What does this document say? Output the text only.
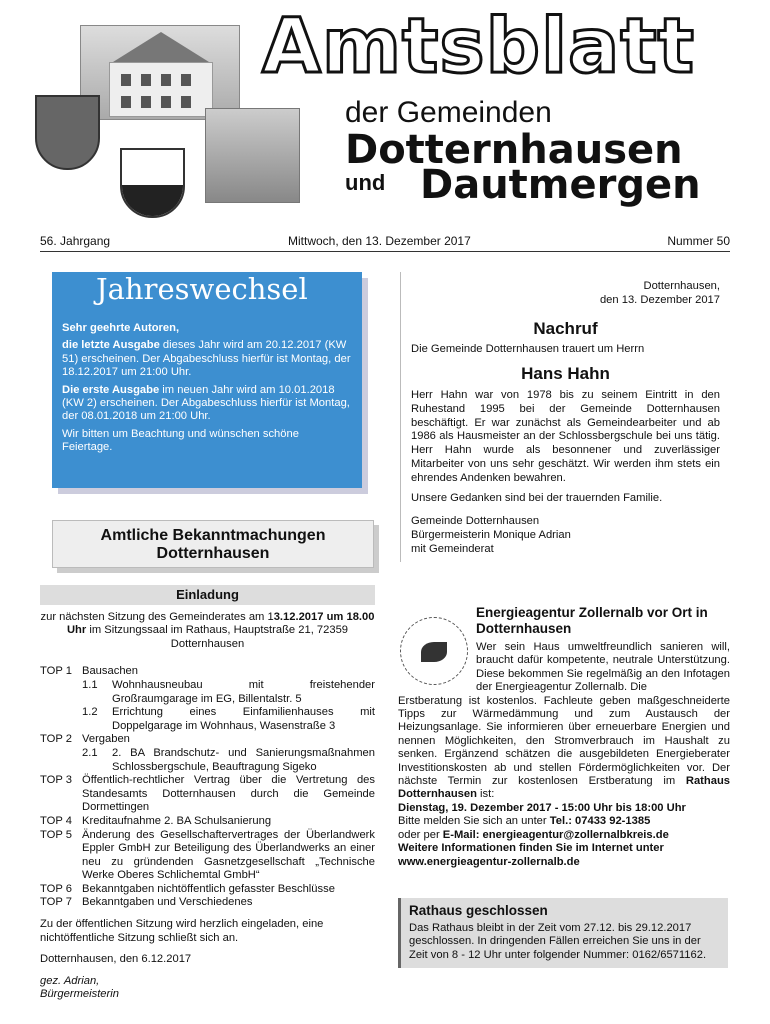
Amtsblatt
der Gemeinden
Dotternhausen
und Dautmergen
56. Jahrgang	Mittwoch, den 13. Dezember 2017	Nummer 50
Jahreswechsel

Sehr geehrte Autoren,

die letzte Ausgabe dieses Jahr wird am 20.12.2017 (KW 51) erscheinen. Der Abgabeschluss hierfür ist Montag, der 18.12.2017 um 21:00 Uhr.

Die erste Ausgabe im neuen Jahr wird am 10.01.2018 (KW 2) erscheinen. Der Abgabeschluss hierfür ist Montag, der 08.01.2018 um 21:00 Uhr.

Wir bitten um Beachtung und wünschen schöne Feiertage.

Dotternhausen,
den 13. Dezember 2017
Nachruf
Die Gemeinde Dotternhausen trauert um Herrn
Hans Hahn
Herr Hahn war von 1978 bis zu seinem Eintritt in den Ruhestand 1995 bei der Gemeinde Dotternhausen beschäftigt. Er war zunächst als Gemeindearbeiter und ab 1986 als Hausmeister an der Schlossbergschule bei uns tätig. Herr Hahn wurde als besonnener und zuverlässiger Mitarbeiter von uns sehr geschätzt. Wir werden ihm stets ein ehrendes Andenken bewahren.
Unsere Gedanken sind bei der trauernden Familie.
Gemeinde Dotternhausen
Bürgermeisterin Monique Adrian
mit Gemeinderat
Amtliche Bekanntmachungen
Dotternhausen
Einladung
zur nächsten Sitzung des Gemeinderates am 13.12.2017 um 18.00 Uhr im Sitzungssaal im Rathaus, Hauptstraße 21, 72359 Dotternhausen
TOP 1 Bausachen
1.1	Wohnhausneubau mit freistehender Großraumgarage im EG, Billentalstr. 5
1.2	Errichtung eines Einfamilienhauses mit Doppelgarage im Wohnhaus, Wasenstraße 3
TOP 2 Vergaben
2.1	2. BA Brandschutz- und Sanierungsmaßnahmen Schlossbergschule, Beauftragung Sigeko
TOP 3 Öffentlich-rechtlicher Vertrag über die Vertretung des Standesamts Dotternhausen durch die Gemeinde Dormettingen
TOP 4 Kreditaufnahme 2. BA Schulsanierung
TOP 5 Änderung des Gesellschaftervertrages der Überlandwerk Eppler GmbH zur Beteiligung des Überlandwerks an einer neu zu gründenden Gasnetzgesellschaft „Technische Werke Oberes Schlichemtal GmbH“
TOP 6 Bekanntgaben nichtöffentlich gefasster Beschlüsse
TOP 7 Bekanntgaben und Verschiedenes
Zu der öffentlichen Sitzung wird herzlich eingeladen, eine nichtöffentliche Sitzung schließt sich an.
Dotternhausen, den 6.12.2017
gez. Adrian,
Bürgermeisterin
Energieagentur Zollernalb vor Ort in Dotternhausen
Wer sein Haus umweltfreundlich sanieren will, braucht dafür kompetente, neutrale Unterstützung. Diese bekommen Sie regelmäßig an den Infotagen der Energieagentur Zollernalb. Die
Erstberatung ist kostenlos. Fachleute geben maßgeschneiderte Tipps zur Wärmedämmung und zum Austausch der Heizungsanlage. Sie informieren über erneuerbare Energien und nennen Möglichkeiten, den Stromverbrauch im Haushalt zu senken. Ergänzend schätzen die ausgebildeten Energieberater Investitionskosten ab und stellen Fördermöglichkeiten vor. Der nächste Termin zur kostenlosen Erstberatung im Rathaus Dotternhausen ist:
Dienstag, 19. Dezember 2017 - 15:00 Uhr bis 18:00 Uhr
Bitte melden Sie sich an unter Tel.: 07433 92-1385
oder per E-Mail: energieagentur@zollernalbkreis.de
Weitere Informationen finden Sie im Internet unter
www.energieagentur-zollernalb.de
Rathaus geschlossen
Das Rathaus bleibt in der Zeit vom 27.12. bis 29.12.2017 geschlossen. In dringenden Fällen erreichen Sie uns in der Zeit von 8 - 12 Uhr unter folgender Nummer: 0162/6571162.
